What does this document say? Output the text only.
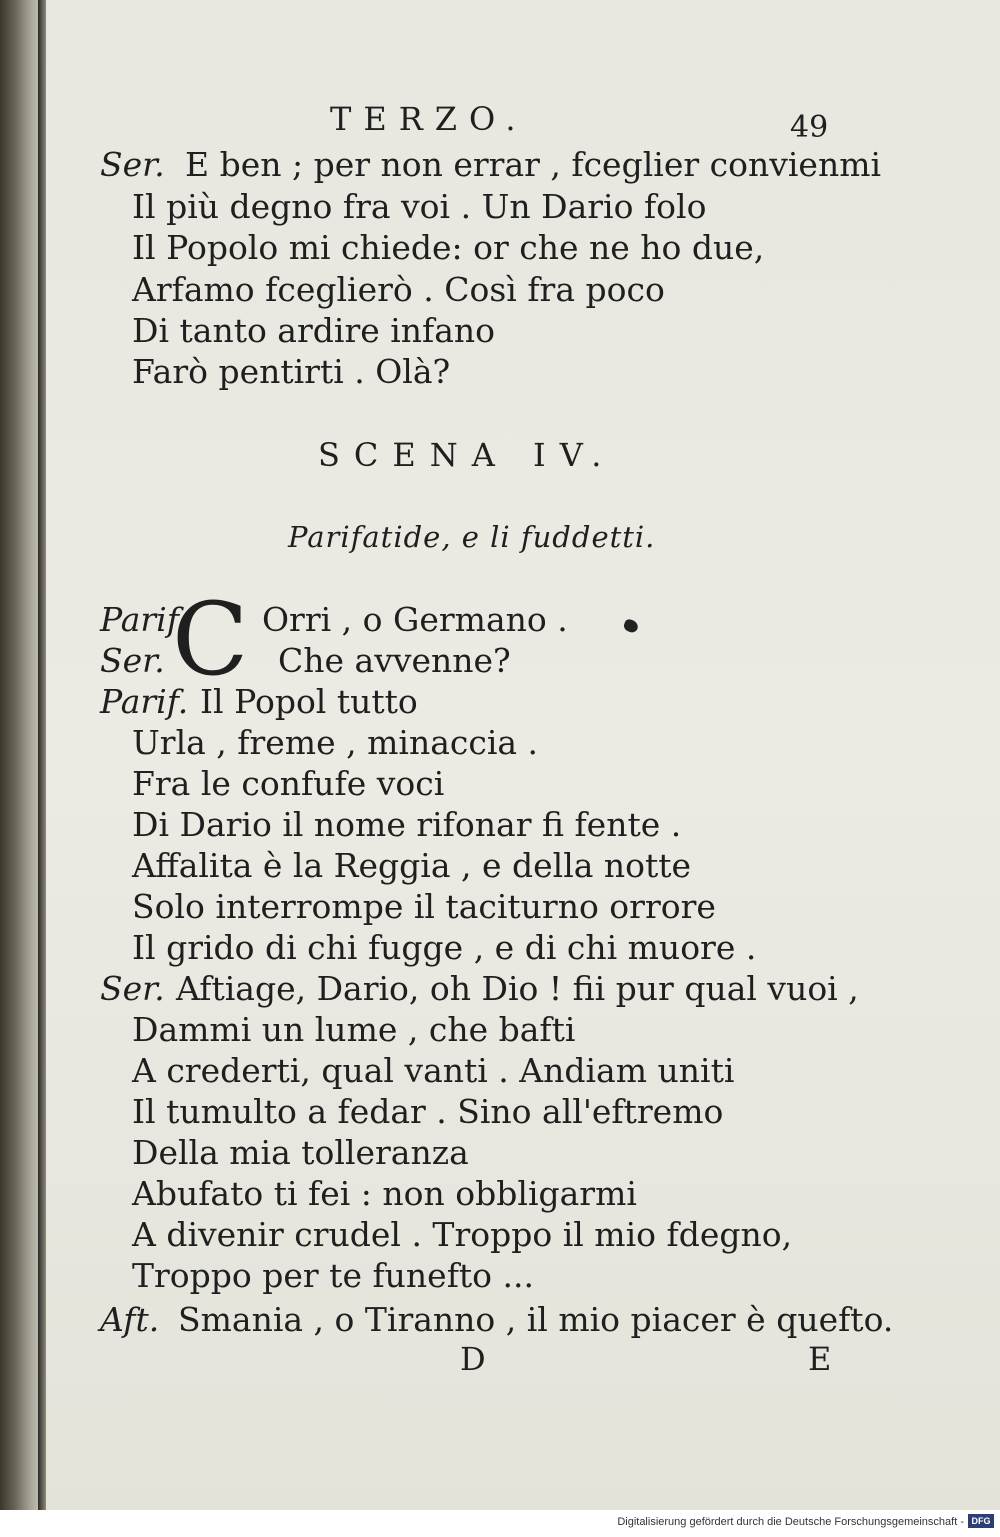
TERZO.	49
Ser. E ben ; per non errar , fceglier convienmi
Il più degno fra voi . Un Dario folo
Il Popolo mi chiede: or che ne ho due,
Arfamo fceglierò . Così fra poco
Di tanto ardire infano
Farò pentirti . Olà?
SCENA IV.
Parifatide, e li fuddetti.
C
Parif. Orri , o Germano .
Ser.	Che avvenne?
Parif. Il Popol tutto
Urla , freme , minaccia .
Fra le confufe voci
Di Dario il nome rifonar fi fente .
Affalita è la Reggia , e della notte
Solo interrompe il taciturno orrore
Il grido di chi fugge , e di chi muore .
Ser. Aftiage, Dario, oh Dio ! fii pur qual vuoi ,
Dammi un lume , che bafti
A crederti, qual vanti . Andiam uniti
Il tumulto a fedar . Sino all'eftremo
Della mia tolleranza
Abufato ti fei : non obbligarmi
A divenir crudel . Troppo il mio fdegno,
Troppo per te funefto ...
Aft. Smania , o Tiranno , il mio piacer è quefto.
D	E
Digitalisierung gefördert durch die Deutsche Forschungsgemeinschaft - DFG
